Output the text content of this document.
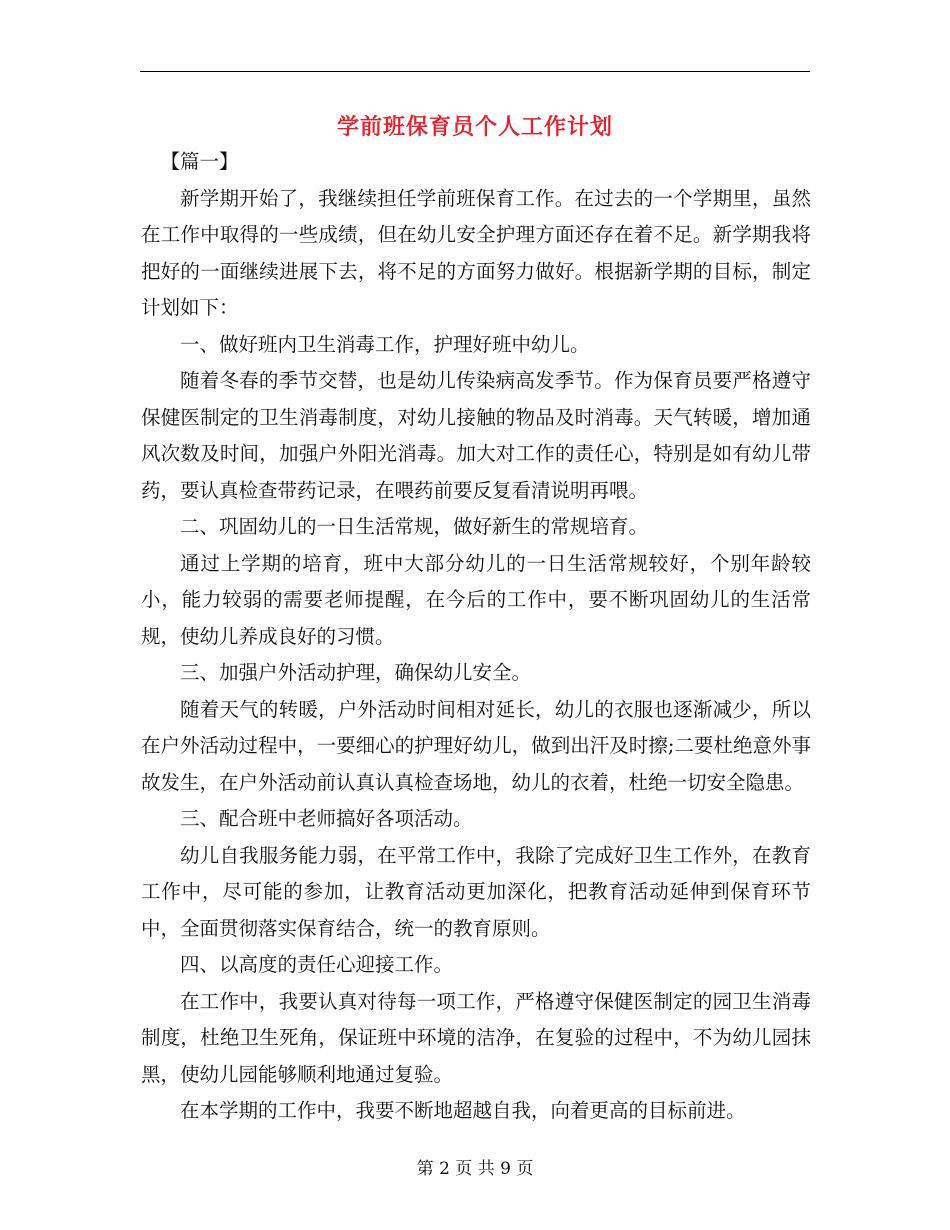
学前班保育员个人工作计划

【篇一】

新学期开始了，我继续担任学前班保育工作。在过去的一个学期里，虽然在工作中取得的一些成绩，但在幼儿安全护理方面还存在着不足。新学期我将把好的一面继续进展下去，将不足的方面努力做好。根据新学期的目标，制定计划如下：

一、做好班内卫生消毒工作，护理好班中幼儿。

随着冬春的季节交替，也是幼儿传染病高发季节。作为保育员要严格遵守保健医制定的卫生消毒制度，对幼儿接触的物品及时消毒。天气转暖，增加通风次数及时间，加强户外阳光消毒。加大对工作的责任心，特别是如有幼儿带药，要认真检查带药记录，在喂药前要反复看清说明再喂。

二、巩固幼儿的一日生活常规，做好新生的常规培育。

通过上学期的培育，班中大部分幼儿的一日生活常规较好，个别年龄较小，能力较弱的需要老师提醒，在今后的工作中，要不断巩固幼儿的生活常规，使幼儿养成良好的习惯。

三、加强户外活动护理，确保幼儿安全。

随着天气的转暖，户外活动时间相对延长，幼儿的衣服也逐渐减少，所以在户外活动过程中，一要细心的护理好幼儿，做到出汗及时擦;二要杜绝意外事故发生，在户外活动前认真认真检查场地，幼儿的衣着，杜绝一切安全隐患。

三、配合班中老师搞好各项活动。

幼儿自我服务能力弱，在平常工作中，我除了完成好卫生工作外，在教育工作中，尽可能的参加，让教育活动更加深化，把教育活动延伸到保育环节中，全面贯彻落实保育结合，统一的教育原则。

四、以高度的责任心迎接工作。

在工作中，我要认真对待每一项工作，严格遵守保健医制定的园卫生消毒制度，杜绝卫生死角，保证班中环境的洁净，在复验的过程中，不为幼儿园抹黑，使幼儿园能够顺利地通过复验。

在本学期的工作中，我要不断地超越自我，向着更高的目标前进。

第 2 页 共 9 页
